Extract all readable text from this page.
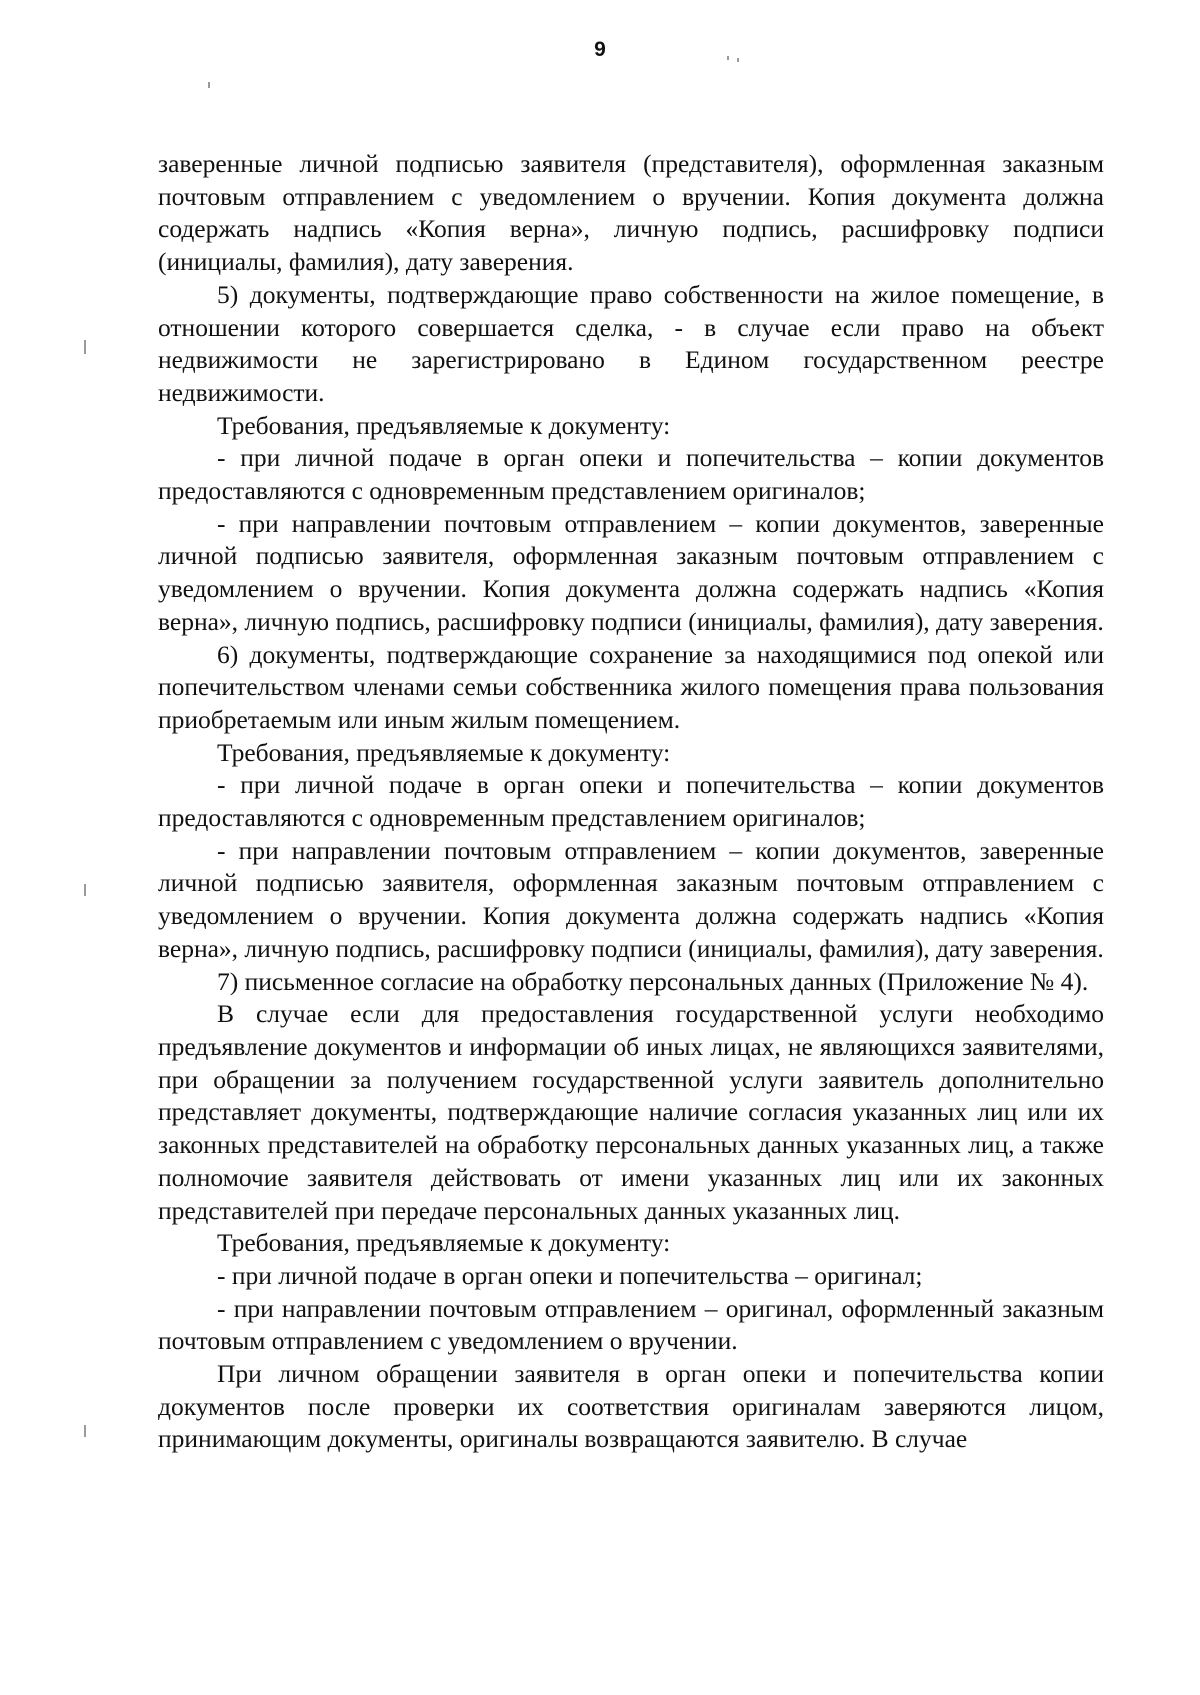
9

заверенные личной подписью заявителя (представителя), оформленная заказным почтовым отправлением с уведомлением о вручении. Копия документа должна содержать надпись «Копия верна», личную подпись, расшифровку подписи (инициалы, фамилия), дату заверения.

5) документы, подтверждающие право собственности на жилое помещение, в отношении которого совершается сделка, - в случае если право на объект недвижимости не зарегистрировано в Едином государственном реестре недвижимости.

Требования, предъявляемые к документу:

- при личной подаче в орган опеки и попечительства – копии документов предоставляются с одновременным представлением оригиналов;

- при направлении почтовым отправлением – копии документов, заверенные личной подписью заявителя, оформленная заказным почтовым отправлением с уведомлением о вручении. Копия документа должна содержать надпись «Копия верна», личную подпись, расшифровку подписи (инициалы, фамилия), дату заверения.

6) документы, подтверждающие сохранение за находящимися под опекой или попечительством членами семьи собственника жилого помещения права пользования приобретаемым или иным жилым помещением.

Требования, предъявляемые к документу:

- при личной подаче в орган опеки и попечительства – копии документов предоставляются с одновременным представлением оригиналов;

- при направлении почтовым отправлением – копии документов, заверенные личной подписью заявителя, оформленная заказным почтовым отправлением с уведомлением о вручении. Копия документа должна содержать надпись «Копия верна», личную подпись, расшифровку подписи (инициалы, фамилия), дату заверения.

7) письменное согласие на обработку персональных данных (Приложение № 4).

В случае если для предоставления государственной услуги необходимо предъявление документов и информации об иных лицах, не являющихся заявителями, при обращении за получением государственной услуги заявитель дополнительно представляет документы, подтверждающие наличие согласия указанных лиц или их законных представителей на обработку персональных данных указанных лиц, а также полномочие заявителя действовать от имени указанных лиц или их законных представителей при передаче персональных данных указанных лиц.

Требования, предъявляемые к документу:

- при личной подаче в орган опеки и попечительства – оригинал;

- при направлении почтовым отправлением – оригинал, оформленный заказным почтовым отправлением с уведомлением о вручении.

При личном обращении заявителя в орган опеки и попечительства копии документов после проверки их соответствия оригиналам заверяются лицом, принимающим документы, оригиналы возвращаются заявителю. В случае
